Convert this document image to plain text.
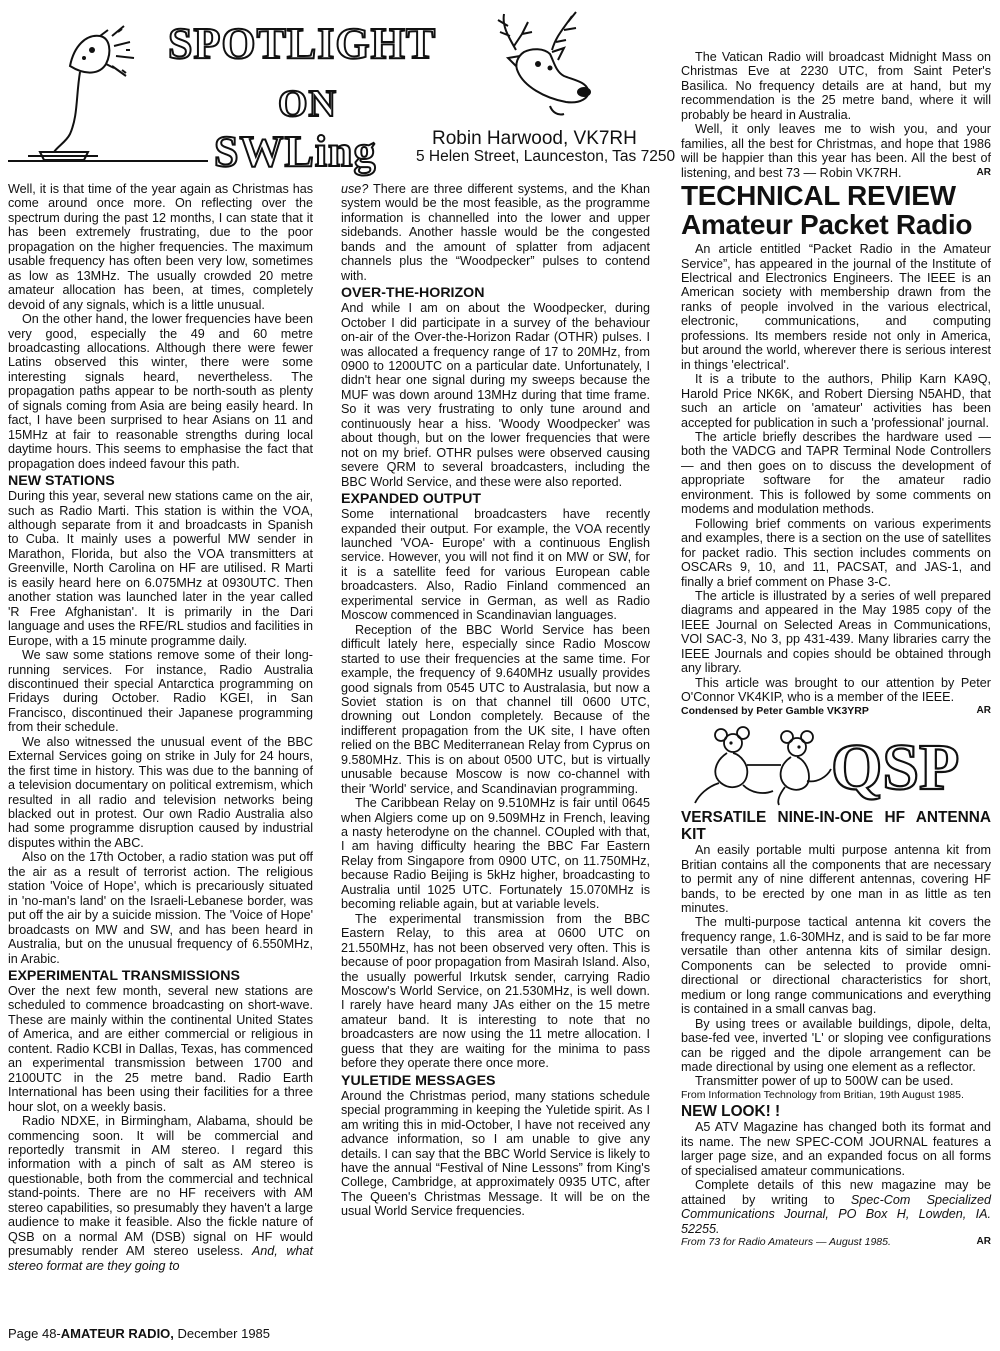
SPOTLIGHT
ON
SWLing	Robin Harwood, VK7RH
5 Helen Street, Launceston, Tas 7250

Well, it is that time of the year again as Christmas has come around once more. On reflecting over the spectrum during the past 12 months, I can state that it has been extremely frustrating, due to the poor propagation on the higher frequencies. The maximum usable frequency has often been very low, sometimes as low as 13MHz. The usually crowded 20 metre amateur allocation has been, at times, completely devoid of any signals, which is a little unusual.

On the other hand, the lower frequencies have been very good, especially the 49 and 60 metre broadcasting allocations. Although there were fewer Latins observed this winter, there were some interesting signals heard, nevertheless. The propagation paths appear to be north-south as plenty of signals coming from Asia are being easily heard. In fact, I have been surprised to hear Asians on 11 and 15MHz at fair to reasonable strengths during local daytime hours. This seems to emphasise the fact that propagation does indeed favour this path.

NEW STATIONS

During this year, several new stations came on the air, such as Radio Marti. This station is within the VOA, although separate from it and broadcasts in Spanish to Cuba. It mainly uses a powerful MW sender in Marathon, Florida, but also the VOA transmitters at Greenville, North Carolina on HF are utilised. R Marti is easily heard here on 6.075MHz at 0930UTC. Then another station was launched later in the year called 'R Free Afghanistan'. It is primarily in the Dari language and uses the RFE/RL studios and facilities in Europe, with a 15 minute programme daily.

We saw some stations remove some of their long-running services. For instance, Radio Australia discontinued their special Antarctica programming on Fridays during October. Radio KGEI, in San Francisco, discontinued their Japanese programming from their schedule.

We also witnessed the unusual event of the BBC External Services going on strike in July for 24 hours, the first time in history. This was due to the banning of a television documentary on political extremism, which resulted in all radio and television networks being blacked out in protest. Our own Radio Australia also had some programme disruption caused by industrial disputes within the ABC.

Also on the 17th October, a radio station was put off the air as a result of terrorist action. The religious station 'Voice of Hope', which is precariously situated in 'no-man's land' on the Israeli-Lebanese border, was put off the air by a suicide mission. The 'Voice of Hope' broadcasts on MW and SW, and has been heard in Australia, but on the unusual frequency of 6.550MHz, in Arabic.

EXPERIMENTAL TRANSMISSIONS

Over the next few month, several new stations are scheduled to commence broadcasting on short-wave. These are mainly within the continental United States of America, and are either commercial or religious in content. Radio KCBI in Dallas, Texas, has commenced an experimental transmission between 1700 and 2100UTC in the 25 metre band. Radio Earth International has been using their facilities for a three hour slot, on a weekly basis.

Radio NDXE, in Birmingham, Alabama, should be commencing soon. It will be commercial and reportedly transmit in AM stereo. I regard this information with a pinch of salt as AM stereo is questionable, both from the commercial and technical stand-points. There are no HF receivers with AM stereo capabilities, so presumably they haven't a large audience to make it feasible. Also the fickle nature of QSB on a normal AM (DSB) signal on HF would presumably render AM stereo useless. And, what stereo format are they going to

use? There are three different systems, and the Khan system would be the most feasible, as the programme information is channelled into the lower and upper sidebands. Another hassle would be the congested bands and the amount of splatter from adjacent channels plus the “Woodpecker” pulses to contend with.

OVER-THE-HORIZON

And while I am on about the Woodpecker, during October I did participate in a survey of the behaviour on-air of the Over-the-Horizon Radar (OTHR) pulses. I was allocated a frequency range of 17 to 20MHz, from 0900 to 1200UTC on a particular date. Unfortunately, I didn't hear one signal during my sweeps because the MUF was down around 13MHz during that time frame. So it was very frustrating to only tune around and continuously hear a hiss. 'Woody Woodpecker' was about though, but on the lower frequencies that were not on my brief. OTHR pulses were observed causing severe QRM to several broadcasters, including the BBC World Service, and these were also reported.

EXPANDED OUTPUT

Some international broadcasters have recently expanded their output. For example, the VOA recently launched 'VOA- Europe' with a continuous English service. However, you will not find it on MW or SW, for it is a satellite feed for various European cable broadcasters. Also, Radio Finland commenced an experimental service in German, as well as Radio Moscow commenced in Scandinavian languages.

Reception of the BBC World Service has been difficult lately here, especially since Radio Moscow started to use their frequencies at the same time. For example, the frequency of 9.640MHz usually provides good signals from 0545 UTC to Australasia, but now a Soviet station is on that channel till 0600 UTC, drowning out London completely. Because of the indifferent propagation from the UK site, I have often relied on the BBC Mediterranean Relay from Cyprus on 9.580MHz. This is on about 0500 UTC, but is virtually unusable because Moscow is now co-channel with their 'World' service, and Scandinavian programming.

The Caribbean Relay on 9.510MHz is fair until 0645 when Algiers come up on 9.509MHz in French, leaving a nasty heterodyne on the channel. COupled with that, I am having difficulty hearing the BBC Far Eastern Relay from Singapore from 0900 UTC, on 11.750MHz, because Radio Beijing is 5kHz higher, broadcasting to Australia until 1025 UTC. Fortunately 15.070MHz is becoming reliable again, but at variable levels.

The experimental transmission from the BBC Eastern Relay, to this area at 0600 UTC on 21.550MHz, has not been observed very often. This is because of poor propagation from Masirah Island. Also, the usually powerful Irkutsk sender, carrying Radio Moscow's World Service, on 21.530MHz, is well down. I rarely have heard many JAs either on the 15 metre amateur band. It is interesting to note that no broadcasters are now using the 11 metre allocation. I guess that they are waiting for the minima to pass before they operate there once more.

YULETIDE MESSAGES

Around the Christmas period, many stations schedule special programming in keeping the Yuletide spirit. As I am writing this in mid-October, I have not received any advance information, so I am unable to give any details. I can say that the BBC World Service is likely to have the annual “Festival of Nine Lessons” from King's College, Cambridge, at approximately 0935 UTC, after The Queen's Christmas Message. It will be on the usual World Service frequencies.

The Vatican Radio will broadcast Midnight Mass on Christmas Eve at 2230 UTC, from Saint Peter's Basilica. No frequency details are at hand, but my recommendation is the 25 metre band, where it will probably be heard in Australia.

Well, it only leaves me to wish you, and your families, all the best for Christmas, and hope that 1986 will be happier than this year has been. All the best of listening, and best 73 — Robin VK7RH.	AR

TECHNICAL REVIEW
Amateur Packet Radio

An article entitled “Packet Radio in the Amateur Service”, has appeared in the journal of the Institute of Electrical and Electronics Engineers. The IEEE is an American society with membership drawn from the ranks of people involved in the various electrical, electronic, communications, and computing professions. Its members reside not only in America, but around the world, wherever there is serious interest in things 'electrical'.

It is a tribute to the authors, Philip Karn KA9Q, Harold Price NK6K, and Robert Diersing N5AHD, that such an article on 'amateur' activities has been accepted for publication in such a 'professional' journal.

The article briefly describes the hardware used — both the VADCG and TAPR Terminal Node Controllers — and then goes on to discuss the development of appropriate software for the amateur radio environment. This is followed by some comments on modems and modulation methods.

Following brief comments on various experiments and examples, there is a section on the use of satellites for packet radio. This section includes comments on OSCARs 9, 10, and 11, PACSAT, and JAS-1, and finally a brief comment on Phase 3-C.

The article is illustrated by a series of well prepared diagrams and appeared in the May 1985 copy of the IEEE Journal on Selected Areas in Communications, VOl SAC-3, No 3, pp 431-439. Many libraries carry the IEEE Journals and copies should be obtained through any library.

This article was brought to our attention by Peter O'Connor VK4KIP, who is a member of the IEEE.

Condensed by Peter Gamble VK3YRP	AR

QSP
VERSATILE NINE-IN-ONE HF ANTENNA KIT

An easily portable multi purpose antenna kit from Britian contains all the components that are necessary to permit any of nine different antennas, covering HF bands, to be erected by one man in as little as ten minutes.

The multi-purpose tactical antenna kit covers the frequency range, 1.6-30MHz, and is said to be far more versatile than other antenna kits of similar design. Components can be selected to provide omni-directional or directional characteristics for short, medium or long range communications and everything is contained in a small canvas bag.

By using trees or available buildings, dipole, delta, base-fed vee, inverted 'L' or sloping vee configurations can be rigged and the dipole arrangement can be made directional by using one element as a reflector.

Transmitter power of up to 500W can be used.

From Information Technology from Britian, 19th August 1985.

NEW LOOK! !

A5 ATV Magazine has changed both its format and its name. The new SPEC-COM JOURNAL features a larger page size, and an expanded focus on all forms of specialised amateur communications.

Complete details of this new magazine may be attained by writing to Spec-Com Specialized Communications Journal, PO Box H, Lowden, IA. 52255.

From 73 for Radio Amateurs — August 1985.	AR

Page 48-AMATEUR RADIO, December 1985
